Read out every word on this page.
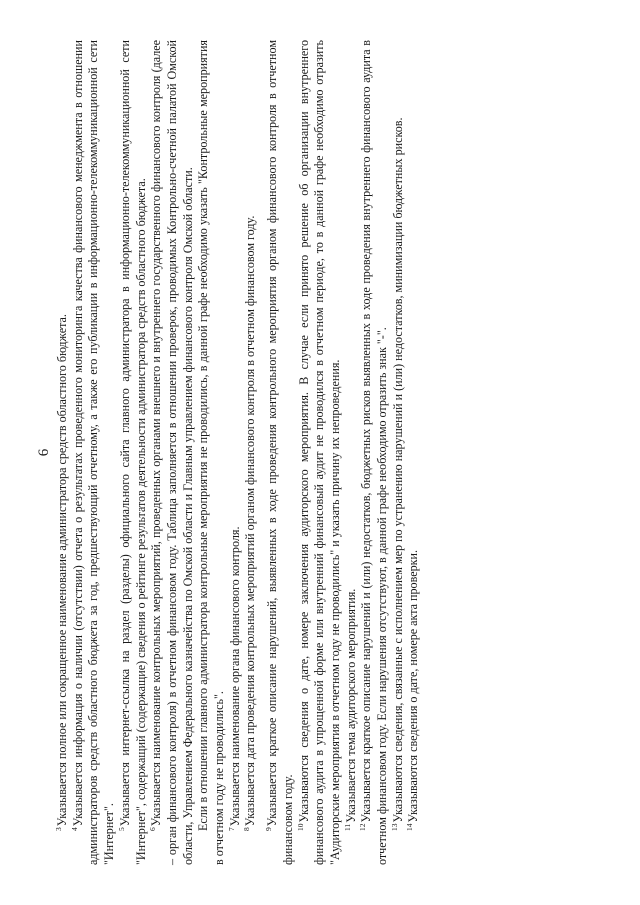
6

$^3$Указывается полное или сокращенное наименование администратора средств областного бюджета.

$^4$Указывается информация о наличии (отсутствии) отчета о результатах проведенного мониторинга качества финансового менеджмента в отношении администраторов средств областного бюджета за год, предшествующий отчетному, а также его публикации в информационно-телекоммуникационной сети "Интернет". $^5$Указывается интернет-ссылка на раздел (разделы) официального сайта главного администратора в информационно-телекоммуникационной сети "Интернет", содержащий (содержащие) сведения о рейтинге результатов деятельности администратора средств областного бюджета. $^6$Указывается наименование контрольных мероприятий, проведенных органами внешнего и внутреннего государственного финансового контроля (далее – орган финансового контроля) в отчетном финансовом году. Таблица заполняется в отношении проверок, проводимых Контрольно-счетной палатой Омской области, Управлением Федерального казначейства по Омской области и Главным управлением финансового контроля Омской области. Если в отношении главного администратора контрольные мероприятия не проводились, в данной графе необходимо указать "Контрольные мероприятия в отчетном году не проводились". $^7$Указывается наименование органа финансового контроля.

$^8$Указывается дата проведения контрольных мероприятий органом финансового контроля в отчетном финансовом году.

$^9$Указывается краткое описание нарушений, выявленных в ходе проведения контрольного мероприятия органом финансового контроля в отчетном финансовом году. $^{10}$Указываются сведения о дате, номере заключения аудиторского мероприятия. В случае если принято решение об организации внутреннего финансового аудита в упрощенной форме или внутренний финансовый аудит не проводился в отчетном периоде, то в данной графе необходимо отразить "Аудиторские мероприятия в отчетном году не проводились" и указать причину их непроведения. $^{11}$Указывается тема аудиторского мероприятия.

$^{12}$Указывается краткое описание нарушений и (или) недостатков, бюджетных рисков выявленных в ходе проведения внутреннего финансового аудита в отчетном финансовом году. Если нарушения отсутствуют, в данной графе необходимо отразить знак "-". $^{13}$Указываются сведения, связанные с исполнением мер по устранению нарушений и (или) недостатков, минимизации бюджетных рисков.

$^{14}$Указываются сведения о дате, номере акта проверки.
